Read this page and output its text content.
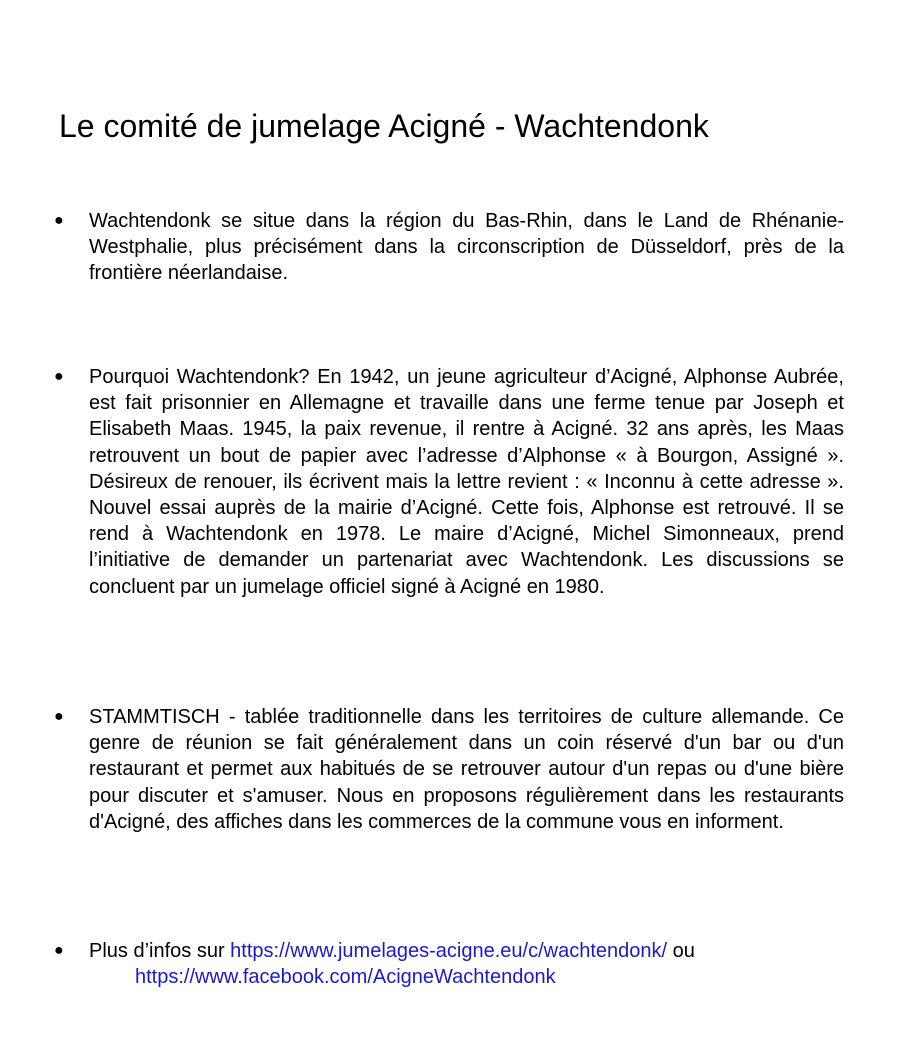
Le comité de jumelage Acigné - Wachtendonk
● Wachtendonk se situe dans la région du Bas-Rhin, dans le Land de Rhénanie-Westphalie, plus précisément dans la circonscription de Düsseldorf, près de la frontière néerlandaise.
● Pourquoi Wachtendonk? En 1942, un jeune agriculteur d’Acigné, Alphonse Aubrée, est fait prisonnier en Allemagne et travaille dans une ferme tenue par Joseph et Elisabeth Maas. 1945, la paix revenue, il rentre à Acigné. 32 ans après, les Maas retrouvent un bout de papier avec l’adresse d’Alphonse « à Bourgon, Assigné ». Désireux de renouer, ils écrivent mais la lettre revient : « Inconnu à cette adresse ». Nouvel essai auprès de la mairie d’Acigné. Cette fois, Alphonse est retrouvé. Il se rend à Wachtendonk en 1978. Le maire d’Acigné, Michel Simonneaux, prend l’initiative de demander un partenariat avec Wachtendonk. Les discussions se concluent par un jumelage officiel signé à Acigné en 1980.
● STAMMTISCH - tablée traditionnelle dans les territoires de culture allemande. Ce genre de réunion se fait généralement dans un coin réservé d'un bar ou d'un restaurant et permet aux habitués de se retrouver autour d'un repas ou d'une bière pour discuter et s'amuser. Nous en proposons régulièrement dans les restaurants d'Acigné, des affiches dans les commerces de la commune vous en informent.
● Plus d’infos sur https://www.jumelages-acigne.eu/c/wachtendonk/ ou
https://www.facebook.com/AcigneWachtendonk
